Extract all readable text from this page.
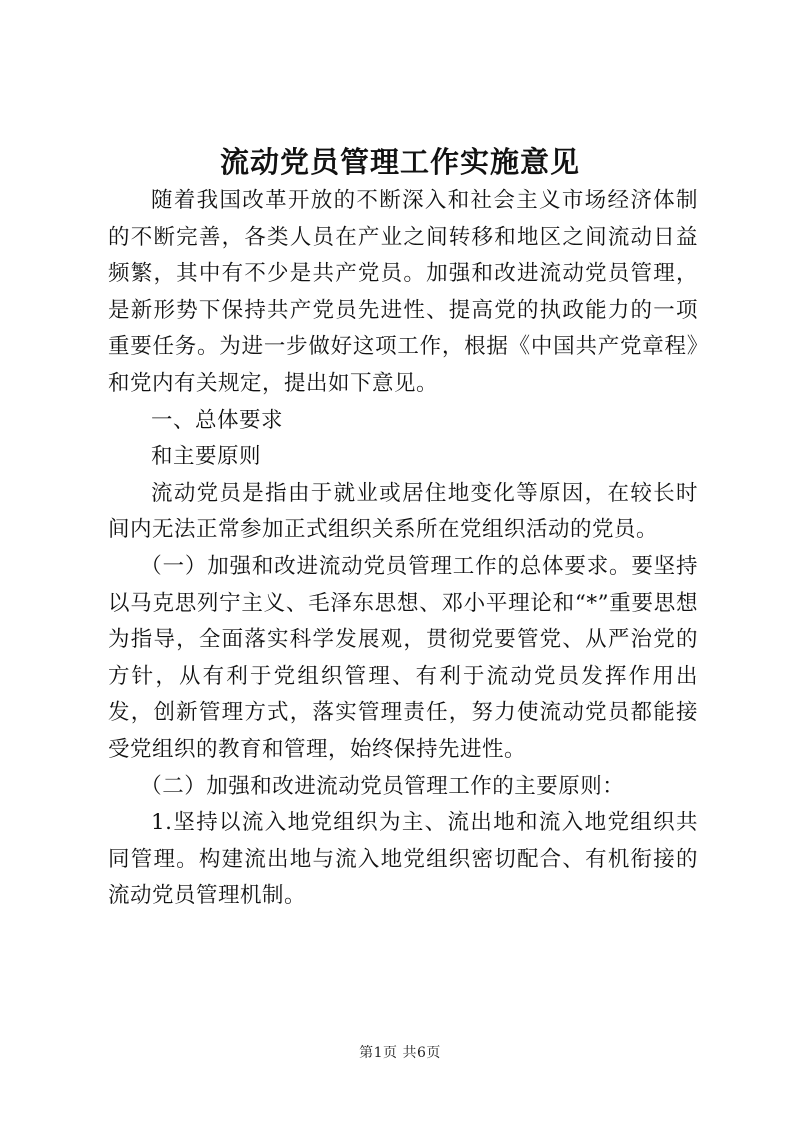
流动党员管理工作实施意见

随着我国改革开放的不断深入和社会主义市场经济体制的不断完善，各类人员在产业之间转移和地区之间流动日益频繁，其中有不少是共产党员。加强和改进流动党员管理，是新形势下保持共产党员先进性、提高党的执政能力的一项重要任务。为进一步做好这项工作，根据《中国共产党章程》和党内有关规定，提出如下意见。

一、总体要求

和主要原则

流动党员是指由于就业或居住地变化等原因，在较长时间内无法正常参加正式组织关系所在党组织活动的党员。

（一）加强和改进流动党员管理工作的总体要求。要坚持以马克思列宁主义、毛泽东思想、邓小平理论和“*”重要思想为指导，全面落实科学发展观，贯彻党要管党、从严治党的方针，从有利于党组织管理、有利于流动党员发挥作用出发，创新管理方式，落实管理责任，努力使流动党员都能接受党组织的教育和管理，始终保持先进性。

（二）加强和改进流动党员管理工作的主要原则：

1.坚持以流入地党组织为主、流出地和流入地党组织共同管理。构建流出地与流入地党组织密切配合、有机衔接的流动党员管理机制。

第1页 共6页
